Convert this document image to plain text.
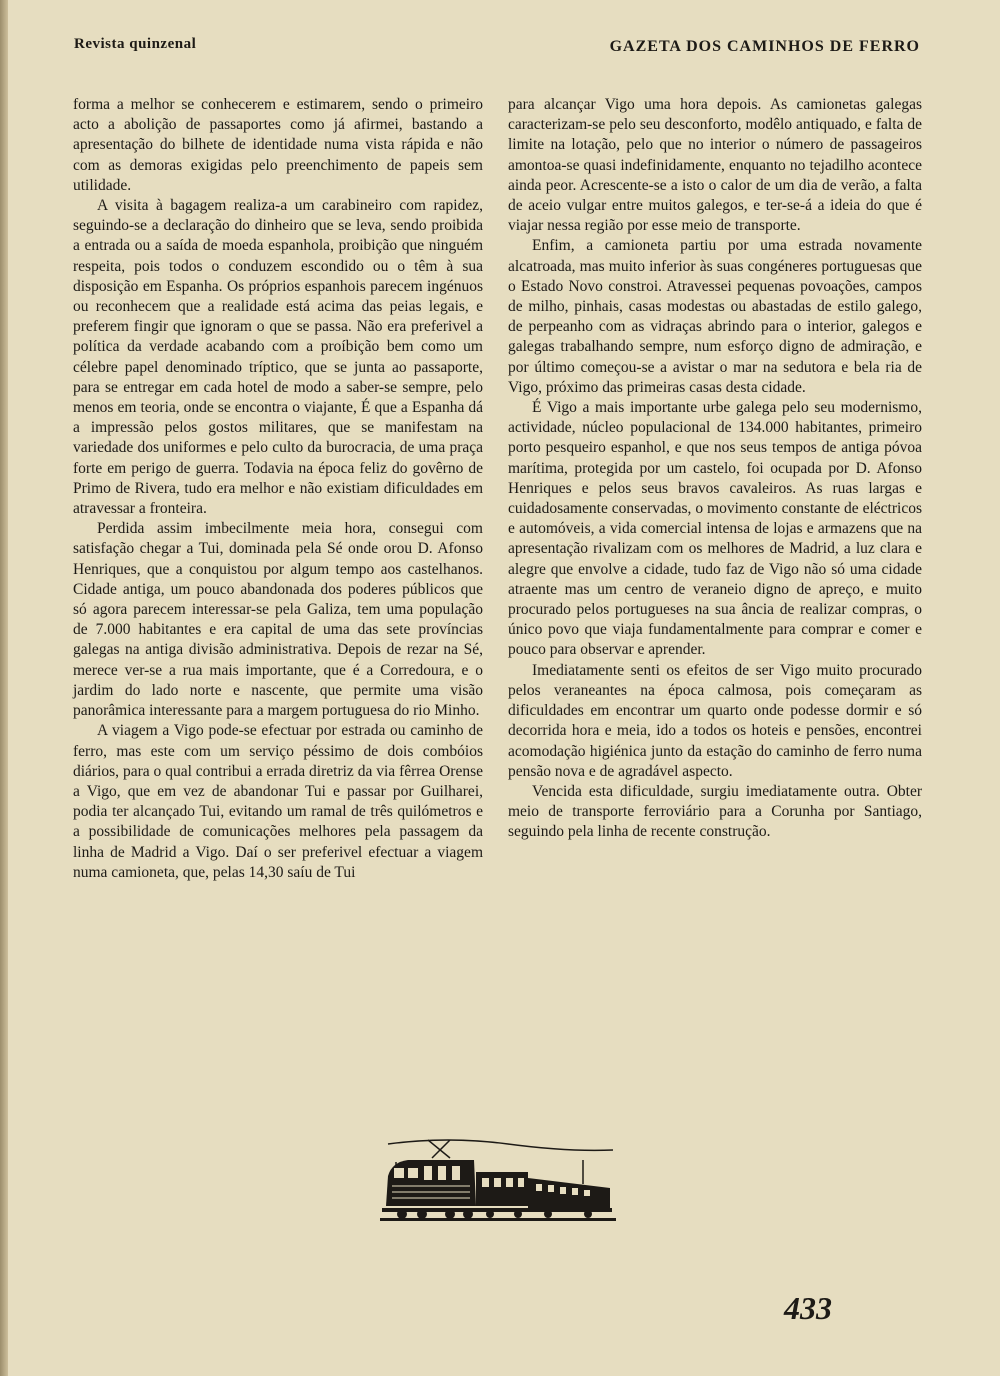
Revista quinzenal	GAZETA DOS CAMINHOS DE FERRO

forma a melhor se conhecerem e estimarem, sendo o primeiro acto a abolição de passaportes como já afirmei, bastando a apresentação do bilhete de identidade numa vista rápida e não com as demoras exigidas pelo preenchimento de papeis sem utilidade.

A visita à bagagem realiza-a um carabineiro com rapidez, seguindo-se a declaração do dinheiro que se leva, sendo proibida a entrada ou a saída de moeda espanhola, proibição que ninguém respeita, pois todos o conduzem escondido ou o têm à sua disposição em Espanha. Os próprios espanhois parecem ingénuos ou reconhecem que a realidade está acima das peias legais, e preferem fingir que ignoram o que se passa. Não era preferivel a política da verdade acabando com a proíbição bem como um célebre papel denominado tríptico, que se junta ao passaporte, para se entregar em cada hotel de modo a saber-se sempre, pelo menos em teoria, onde se encontra o viajante, É que a Espanha dá a impressão pelos gostos militares, que se manifestam na variedade dos uniformes e pelo culto da burocracia, de uma praça forte em perigo de guerra. Todavia na época feliz do govêrno de Primo de Rivera, tudo era melhor e não existiam dificuldades em atravessar a fronteira.

Perdida assim imbecilmente meia hora, consegui com satisfação chegar a Tui, dominada pela Sé onde orou D. Afonso Henriques, que a conquistou por algum tempo aos castelhanos. Cidade antiga, um pouco abandonada dos poderes públicos que só agora parecem interessar-se pela Galiza, tem uma população de 7.000 habitantes e era capital de uma das sete províncias galegas na antiga divisão administrativa. Depois de rezar na Sé, merece ver-se a rua mais importante, que é a Corredoura, e o jardim do lado norte e nascente, que permite uma visão panorâmica interessante para a margem portuguesa do rio Minho.

A viagem a Vigo pode-se efectuar por estrada ou caminho de ferro, mas este com um serviço péssimo de dois combóios diários, para o qual contribui a errada diretriz da via fêrrea Orense a Vigo, que em vez de abandonar Tui e passar por Guilharei, podia ter alcançado Tui, evitando um ramal de três quilómetros e a possibilidade de comunicações melhores pela passagem da linha de Madrid a Vigo. Daí o ser preferivel efectuar a viagem numa camioneta, que, pelas 14,30 saíu de Tui

para alcançar Vigo uma hora depois. As camionetas galegas caracterizam-se pelo seu desconforto, modêlo antiquado, e falta de limite na lotação, pelo que no interior o número de passageiros amontoa-se quasi indefinidamente, enquanto no tejadilho acontece ainda peor. Acrescente-se a isto o calor de um dia de verão, a falta de aceio vulgar entre muitos galegos, e ter-se-á a ideia do que é viajar nessa região por esse meio de transporte.

Enfim, a camioneta partiu por uma estrada novamente alcatroada, mas muito inferior às suas congéneres portuguesas que o Estado Novo constroi. Atravessei pequenas povoações, campos de milho, pinhais, casas modestas ou abastadas de estilo galego, de perpeanho com as vidraças abrindo para o interior, galegos e galegas trabalhando sempre, num esforço digno de admiração, e por último começou-se a avistar o mar na sedutora e bela ria de Vigo, próximo das primeiras casas desta cidade.

É Vigo a mais importante urbe galega pelo seu modernismo, actividade, núcleo populacional de 134.000 habitantes, primeiro porto pesqueiro espanhol, e que nos seus tempos de antiga póvoa marítima, protegida por um castelo, foi ocupada por D. Afonso Henriques e pelos seus bravos cavaleiros. As ruas largas e cuidadosamente conservadas, o movimento constante de eléctricos e automóveis, a vida comercial intensa de lojas e armazens que na apresentação rivalizam com os melhores de Madrid, a luz clara e alegre que envolve a cidade, tudo faz de Vigo não só uma cidade atraente mas um centro de veraneio digno de apreço, e muito procurado pelos portugueses na sua ância de realizar compras, o único povo que viaja fundamentalmente para comprar e comer e pouco para observar e aprender.

Imediatamente senti os efeitos de ser Vigo muito procurado pelos veraneantes na época calmosa, pois começaram as dificuldades em encontrar um quarto onde podesse dormir e só decorrida hora e meia, ido a todos os hoteis e pensões, encontrei acomodação higiénica junto da estação do caminho de ferro numa pensão nova e de agradável aspecto.

Vencida esta dificuldade, surgiu imediatamente outra. Obter meio de transporte ferroviário para a Corunha por Santiago, seguindo pela linha de recente construção.

433
